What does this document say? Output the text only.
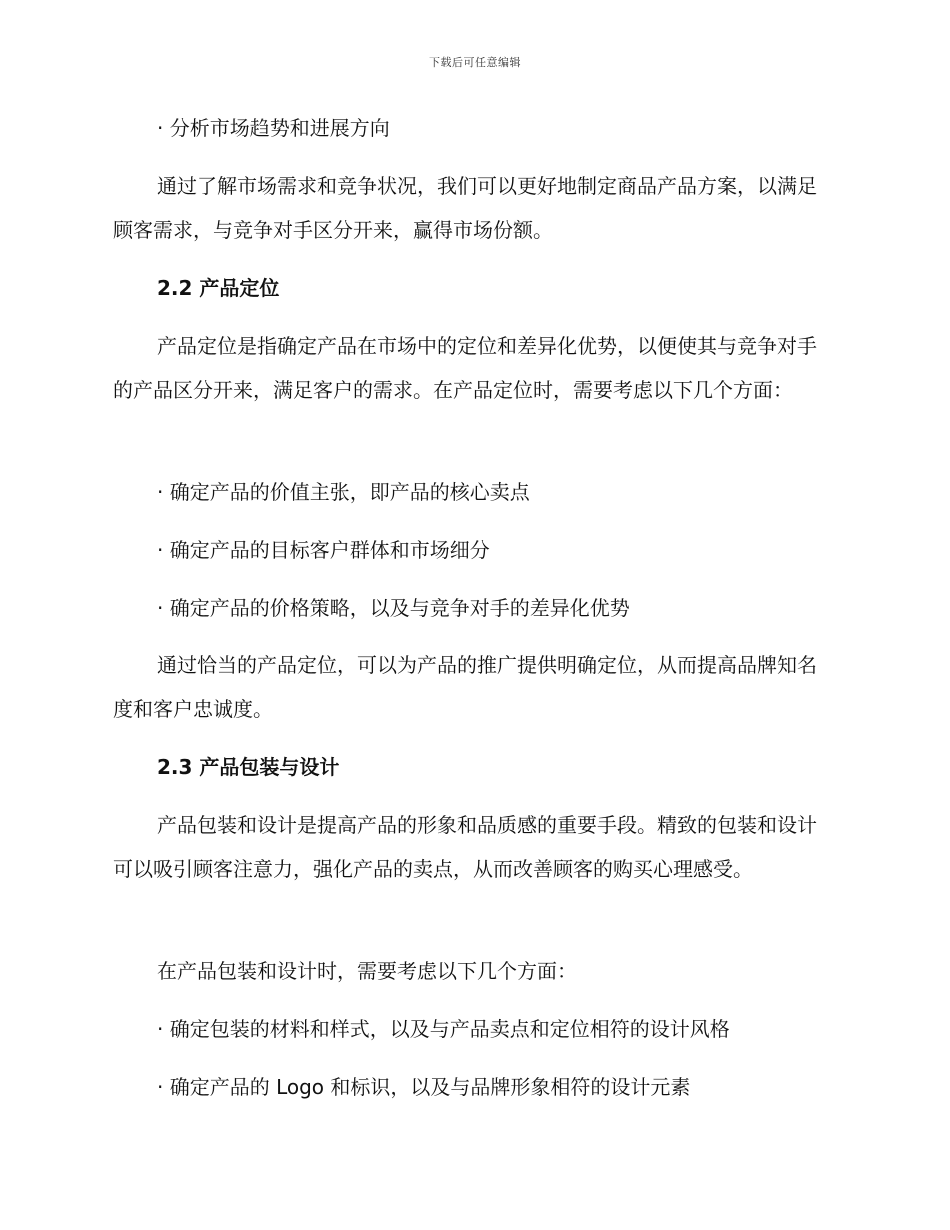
下载后可任意编辑

· 分析市场趋势和进展方向

通过了解市场需求和竞争状况，我们可以更好地制定商品产品方案，以满足顾客需求，与竞争对手区分开来，赢得市场份额。

2.2 产品定位

产品定位是指确定产品在市场中的定位和差异化优势，以便使其与竞争对手的产品区分开来，满足客户的需求。在产品定位时，需要考虑以下几个方面：

· 确定产品的价值主张，即产品的核心卖点

· 确定产品的目标客户群体和市场细分

· 确定产品的价格策略，以及与竞争对手的差异化优势

通过恰当的产品定位，可以为产品的推广提供明确定位，从而提高品牌知名度和客户忠诚度。

2.3 产品包装与设计

产品包装和设计是提高产品的形象和品质感的重要手段。精致的包装和设计可以吸引顾客注意力，强化产品的卖点，从而改善顾客的购买心理感受。

在产品包装和设计时，需要考虑以下几个方面：

· 确定包装的材料和样式，以及与产品卖点和定位相符的设计风格

· 确定产品的 Logo 和标识，以及与品牌形象相符的设计元素
